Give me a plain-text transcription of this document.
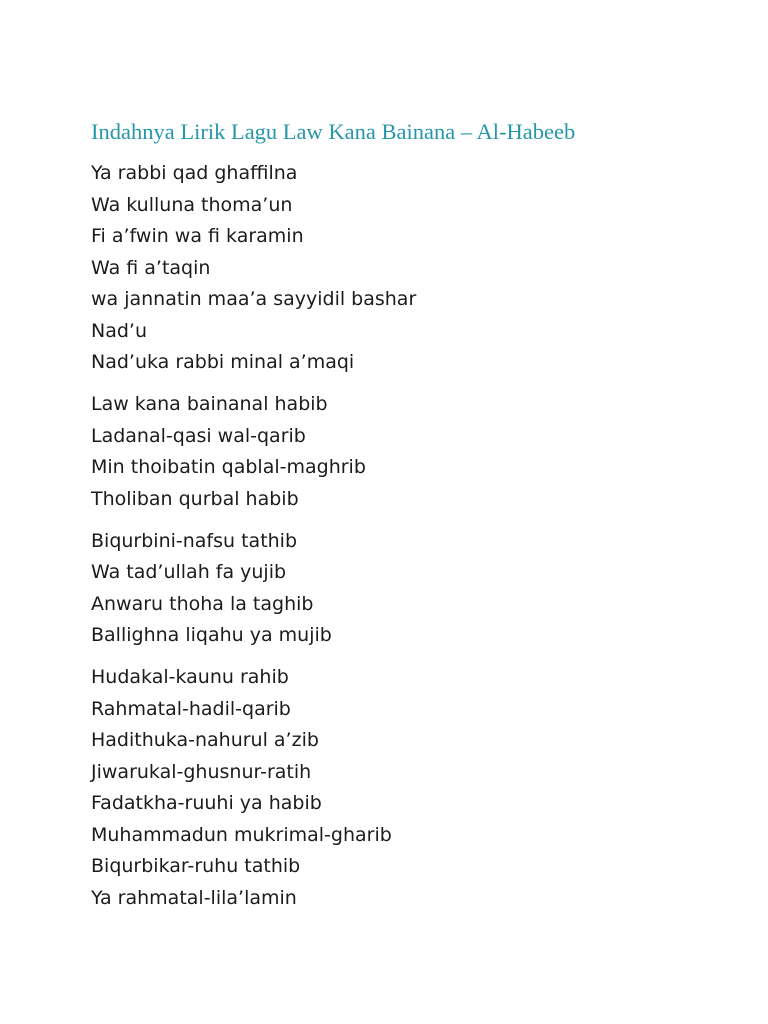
Indahnya Lirik Lagu Law Kana Bainana – Al-Habeeb
Ya rabbi qad ghaffilna
Wa kulluna thoma’un
Fi a’fwin wa fi karamin
Wa fi a’taqin
wa jannatin maa’a sayyidil bashar
Nad’u
Nad’uka rabbi minal a’maqi
Law kana bainanal habib
Ladanal-qasi wal-qarib
Min thoibatin qablal-maghrib
Tholiban qurbal habib
Biqurbini-nafsu tathib
Wa tad’ullah fa yujib
Anwaru thoha la taghib
Ballighna liqahu ya mujib
Hudakal-kaunu rahib
Rahmatal-hadil-qarib
Hadithuka-nahurul a’zib
Jiwarukal-ghusnur-ratih
Fadatkha-ruuhi ya habib
Muhammadun mukrimal-gharib
Biqurbikar-ruhu tathib
Ya rahmatal-lila’lamin
